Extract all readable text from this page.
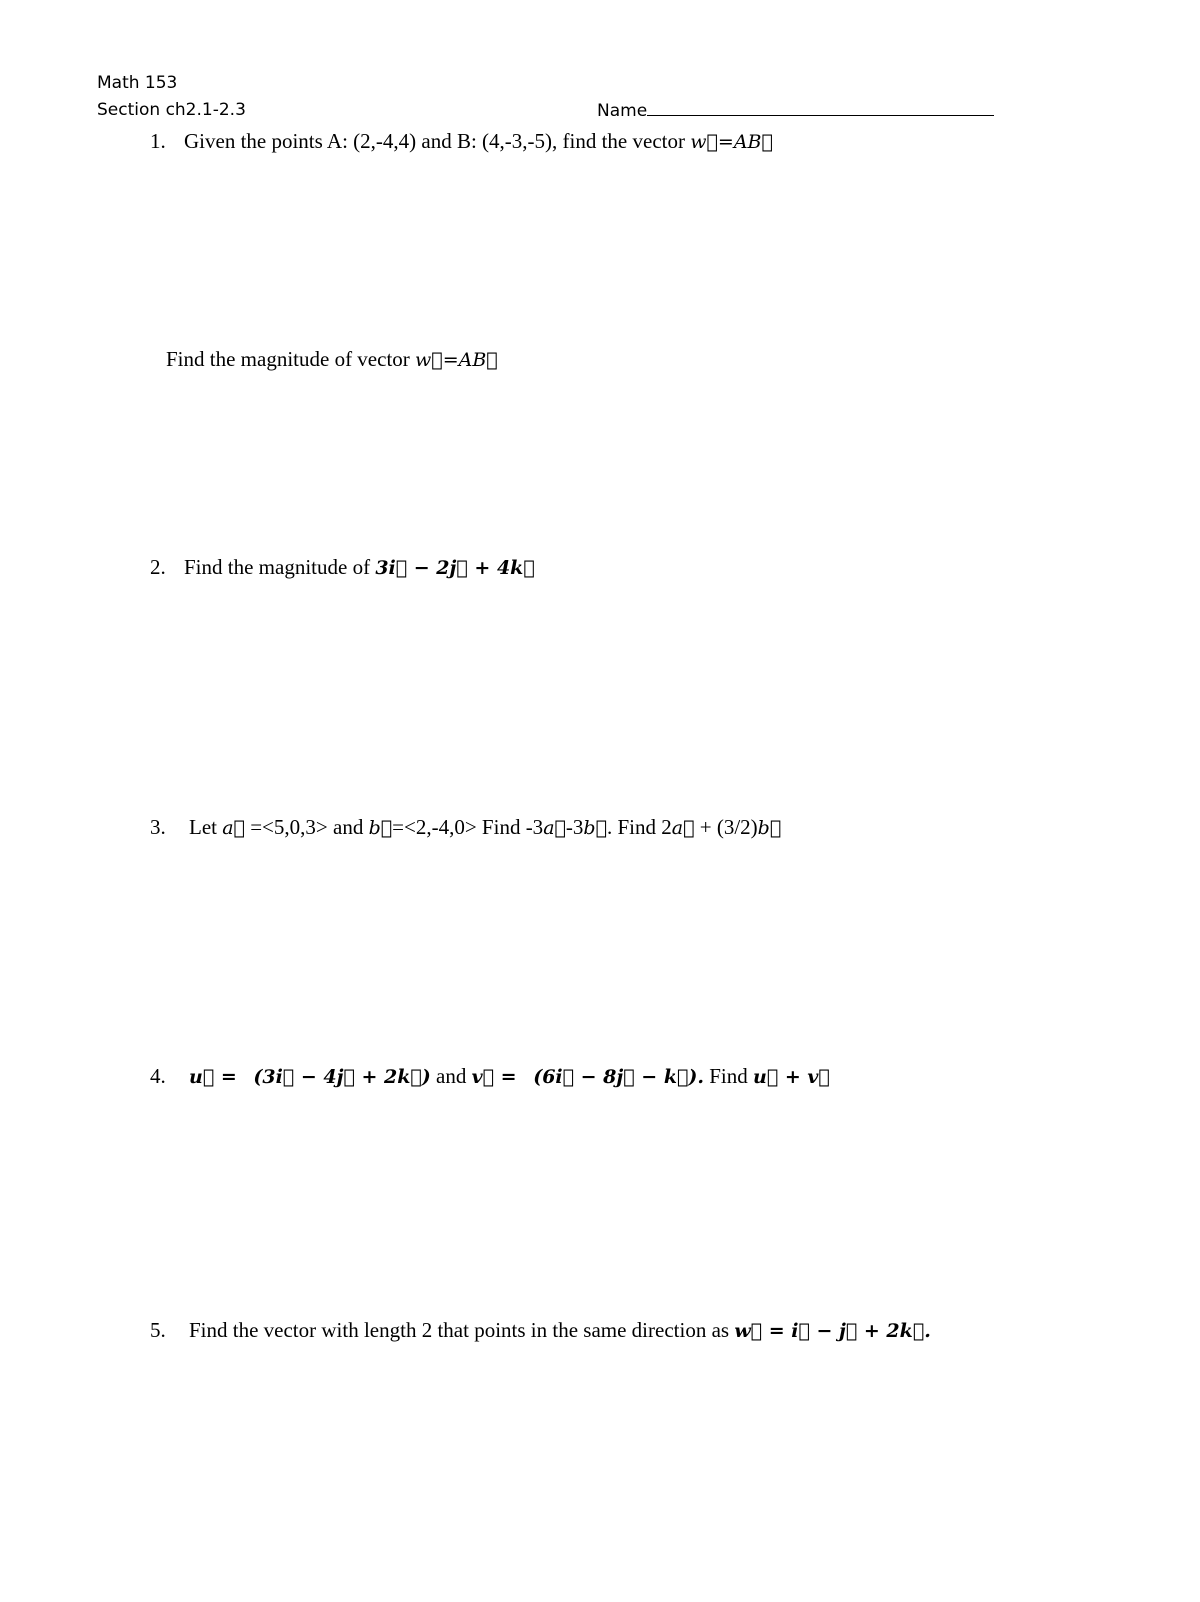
Math 153
Section ch2.1-2.3	Name
1. Given the points A: (2,-4,4) and B: (4,-3,-5), find the vector w⃗=AB⃗
Find the magnitude of vector w⃗=AB⃗
2. Find the magnitude of 3i⃗ − 2j⃗ + 4k⃗
3. Let a⃗ =<5,0,3> and b⃗=<2,-4,0> Find -3a⃗-3b⃗. Find 2a⃗ + (3/2)b⃗
4. u⃗ = (3i⃗ − 4j⃗ + 2k⃗) and v⃗ = (6i⃗ − 8j⃗ − k⃗). Find u⃗ + v⃗
5. Find the vector with length 2 that points in the same direction as w⃗ = i⃗ − j⃗ + 2k⃗.
